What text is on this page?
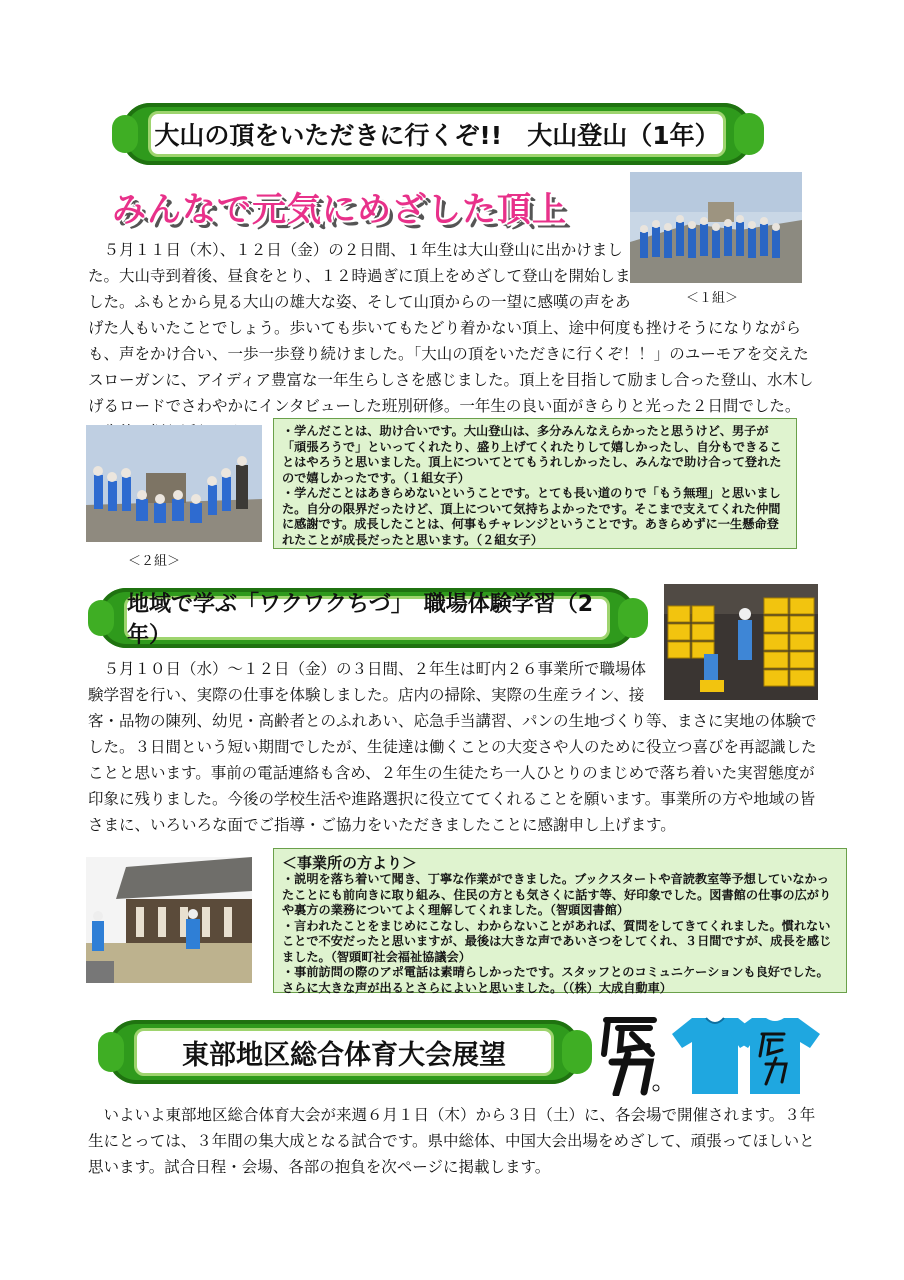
大山の頂をいただきに行くぞ!!　大山登山（1年）
みんなで元気にめざした頂上
＜１組＞
５月１１日（木）、１２日（金）の２日間、１年生は大山登山に出かけました。大山寺到着後、昼食をとり、１２時過ぎに頂上をめざして登山を開始しました。ふもとから見る大山の雄大な姿、そして山頂からの一望に感嘆の声をあげた人もいたことでしょう。歩いても歩いてもたどり着かない頂上、途中何度も挫けそうになりながらも、声をかけ合い、一歩一歩登り続けました。「大山の頂をいただきに行くぞ！！」のユーモアを交えたスローガンに、アイディア豊富な一年生らしさを感じました。頂上を目指して励まし合った登山、水木しげるロードでさわやかにインタビューした班別研修。一年生の良い面がきらりと光った２日間でした。　　
＜２組＞

・学んだことは、助け合いです。大山登山は、多分みんなえらかったと思うけど、男子が「頑張ろうで」といってくれたり、盛り上げてくれたりして嬉しかったし、自分もできることはやろうと思いました。頂上についてとてもうれしかったし、みんなで助け合って登れたので嬉しかったです。（１組女子）

・学んだことはあきらめないということです。とても長い道のりで「もう無理」と思いました。自分の限界だったけど、頂上について気持ちよかったです。そこまで支えてくれた仲間に感謝です。成長したことは、何事もチャレンジということです。あきらめずに一生懸命登れたことが成長だったと思います。（２組女子）

地域で学ぶ「ワクワクちづ」　職場体験学習（2年）
５月１０日（水）～１２日（金）の３日間、２年生は町内２６事業所で職場体験学習を行い、実際の仕事を体験しました。店内の掃除、実際の生産ライン、接客・品物の陳列、幼児・高齢者とのふれあい、応急手当講習、パンの生地づくり等、まさに実地の体験でした。３日間という短い期間でしたが、生徒達は働くことの大変さや人のために役立つ喜びを再認識したことと思います。事前の電話連絡も含め、２年生の生徒たち一人ひとりのまじめで落ち着いた実習態度が印象に残りました。今後の学校生活や進路選択に役立ててくれることを願います。事業所の方や地域の皆さまに、いろいろな面でご指導・ご協力をいただきましたことに感謝申し上げます。

＜事業所の方より＞

・説明を落ち着いて聞き、丁寧な作業ができました。ブックスタートや音読教室等予想していなかったことにも前向きに取り組み、住民の方とも気さくに話す等、好印象でした。図書館の仕事の広がりや裏方の業務についてよく理解してくれました。（智頭図書館）

・言われたことをまじめにこなし、わからないことがあれば、質問をしてきてくれました。慣れないことで不安だったと思いますが、最後は大きな声であいさつをしてくれ、３日間ですが、成長を感じました。（智頭町社会福祉協議会）

・事前訪問の際のアポ電話は素晴らしかったです。スタッフとのコミュニケーションも良好でした。さらに大きな声が出るとさらによいと思いました。（（株）大成自動車）

東部地区総合体育大会展望
いよいよ東部地区総合体育大会が来週６月１日（木）から３日（土）に、各会場で開催されます。３年生にとっては、３年間の集大成となる試合です。県中総体、中国大会出場をめざして、頑張ってほしいと思います。試合日程・会場、各部の抱負を次ページに掲載します。
